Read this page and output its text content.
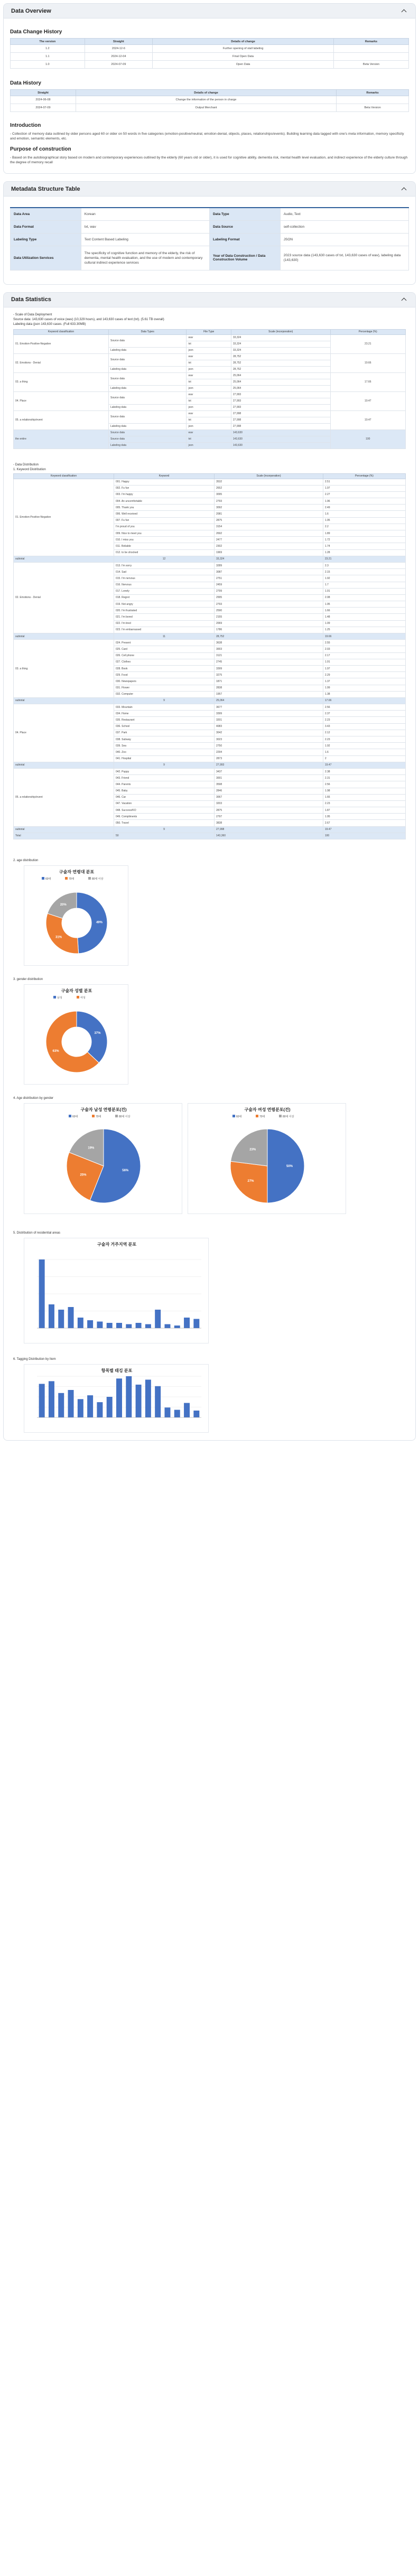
Data Overview
Data Change History
The version	Straight	Details of change	Remarks
1.2	2024-12-6	Further opening of stall labeling	
1.1	2024-12-04	Final Open Data	
1.0	2024-07-09	Open Data	Beta Version
Data History
Straight	Details of change	Remarks
2024-06-08	Change the information of the person in charge	
2024-07-09	Output Merchant	Beta Version
Introduction

- Collection of memory data outlined by older persons aged 60 or older on 50 words in five categories (emotion-positive/neutral, emotion-denial, objects, places, relationships/events). Building learning data tagged with one's meta information, memory specificity and emotion, semantic elements, etc.

Purpose of construction

- Based on the autobiographical story based on modern and contemporary experiences outlined by the elderly (60 years old or older), it is used for cognitive ability, dementia risk, mental health level evaluation, and indirect experience of the elderly culture through the degree of memory recall

Metadata Structure Table
Data Area	Korean	Data Type	Audio, Text
Data Format	txt, wav	Data Source	self-collection
Labeling Type	Text Content Based Labeling	Labeling Format	JSON
Data Utilization Services	The specificity of cognitive function and memory of the elderly, the risk of dementia, mental health evaluation, and the use of modern and contemporary cultural indirect experience services	Year of Data Construction / Data Construction Volume	2023 source data (143,630 cases of txt, 143,630 cases of wav), labeling data (143,630)
Data Statistics
- Scale of Data Deployment
Source data: 143,630 cases of voice (wav) (10,329 hours), and 143,630 cases of text (txt). (5.61 TB overall)
Labeling data (json 143,630 cases. (Full 633.30MB)
Keyword classification	Data Types	File Type	Scale (incorporation)	Percentage (%)
01. Emotion-Positive-Negative	Source data	wav	33,324	23.21
		txt	33,324	
	Labeling data	json	33,324	
02. Emotions - Denial	Source data	wav	28,752	19.66
		txt	28,752	
	Labeling data	json	28,752	
03. a thing	Source data	wav	25,064	17.66
		txt	25,064	
	Labeling data	json	25,064	
04. Place	Source data	wav	27,993	19.47
		txt	27,993	
	Labeling data	json	27,993	
05. a relationship/event	Source data	wav	27,998	19.47
		txt	27,998	
	Labeling data	json	27,998	
the entire	Source data	wav	143,630	100
	Source data	txt	143,630	
	Labeling data	json	143,630	
- Data Distribution
1. Keyword Distribution
Keyword classification	Keyword	Scale (incorporation)	Percentage (%)
01. Emotion-Positive-Negative	001. Happy	3532	2.51
	002. Fu fun	2652	1.97
	003. I'm happy	3095	2.27
	004. An uncomfortable	2793	1.96
	005. Thank you	3092	2.49
	006. Well received	2081	1.6
	007. Fu fun	2875	1.95
	I'm proud of you	3154	2.2
	009. Nice to meet you	2692	1.89
	010. I miss you	2477	1.72
	011. Reliable	2302	1.74
	012. to be shocked	1969	1.28
subtotal	12	33,324	23.21
02. Emotions - Denial	013. I'm sorry	3289	2.3
	014. Sad	3087	2.15
	015. I'm nervous	2751	1.92
	016. Nervous	2459	1.7
	017. Lonely	2799	1.91
	018. Regret	2995	2.08
	019. Not angry	2793	1.95
	020. I'm frustrated	2590	1.66
	021. I'm bored	2155	1.48
	022. I'm tired	2069	1.09
	023. I'm embarrassed	1786	1.25
subtotal	11	28,752	19.66
03. a thing	024. Present	3638	2.55
	025. Card	3003	2.03
	026. Cell phone	3121	2.17
	027. Clothes	2745	1.91
	028. Book	3399	1.97
	029. Food	3275	2.29
	030. Newspapers	1871	1.37
	031. Flower	2838	1.99
	032. Computer	1957	1.38
subtotal	9	25,064	17.66
04. Place	033. Mountain	3677	2.56
	034. Home	3399	2.37
	035. Restaurant	3201	2.23
	036. School	4083	3.43
	037. Park	3042	2.12
	038. Subway	3023	2.23
	039. Sea	2750	1.92
	040. Zoo	2294	1.6
	041. Hospital	2873	2
subtotal	9	27,993	19.47
05. a relationship/event	042. Puppy	3437	2.38
	043. Friend	3001	2.31
	044. Parents	3598	2.56
	045. Baby	2846	1.98
	046. Car	3067	1.66
	047. Vacation	3203	2.23
	048. Success/KO	2875	1.87
	049. Compliments	2797	1.95
	050. Travel	3838	2.67
subtotal	9	27,998	19.47
Total	50	143,360	100
2. age distribution
구술자 연령대 분포
60대	70대	80대 이상
49%
31%
20%
3. gender distribution
구술자 성별 분포
남성	여성
37%
63%
4. Age distribution by gender
구술자 남성 연령분포(건)
60대	70대	80대 이상
56%
25%
19%
구술자 여성 연령분포(건)
60대	70대	80대 이상
50%
27%
23%
5. Distribution of residential areas
구술자 거주지역 분포
6. Tagging Distribution by Item
항목별 태깅 분포
